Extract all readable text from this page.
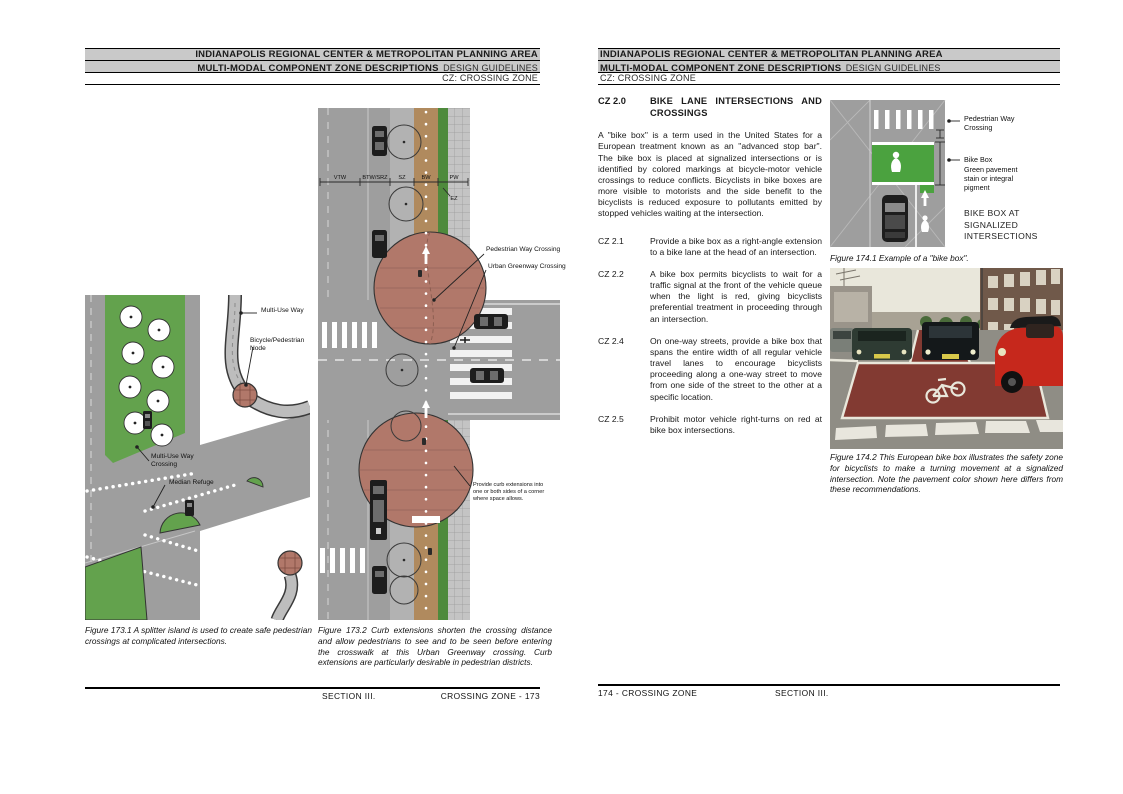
INDIANAPOLIS REGIONAL CENTER & METROPOLITAN PLANNING AREA
MULTI-MODAL COMPONENT ZONE DESCRIPTIONS DESIGN GUIDELINES
CZ: CROSSING ZONE
Multi-Use Way
Bicycle/Pedestrian Node
Multi-Use Way Crossing
Median Refuge
Figure 173.1 A splitter island is used to create safe pedestrian crossings at complicated intersections.
VTW	BTW/SRZ SZ	BW	PW
EZ
Pedestrian Way Crossing
Urban Greenway Crossing
Provide curb extensions into one or both sides of a corner where space allows.
Figure 173.2 Curb extensions shorten the crossing distance and allow pedestrians to see and to be seen before entering the crosswalk at this Urban Greenway crossing. Curb extensions are particularly desirable in pedestrian districts.
SECTION III.	CROSSING ZONE - 173
INDIANAPOLIS REGIONAL CENTER & METROPOLITAN PLANNING AREA
MULTI-MODAL COMPONENT ZONE DESCRIPTIONS DESIGN GUIDELINES
CZ: CROSSING ZONE
CZ 2.0	BIKE LANE INTERSECTIONS AND CROSSINGS
A "bike box" is a term used in the United States for a European treatment known as an "advanced stop bar". The bike box is placed at signalized intersections or is identified by colored markings at bicycle-motor vehicle crossings to reduce conflicts. Bicyclists in bike boxes are more visible to motorists and the side benefit to the bicyclists is reduced exposure to pollutants emitted by stopped vehicles waiting at the intersection.
CZ 2.1	Provide a bike box as a right-angle extension to a bike lane at the head of an intersection.
CZ 2.2	A bike box permits bicyclists to wait for a traffic signal at the front of the vehicle queue when the light is red, giving bicyclists preferential treatment in proceeding through an intersection.
CZ 2.4	On one-way streets, provide a bike box that spans the entire width of all regular vehicle travel lanes to encourage bicyclists proceeding along a one-way street to move from one side of the street to the other at a specific location.
CZ 2.5	Prohibit motor vehicle right-turns on red at bike box intersections.
Pedestrian Way Crossing
Bike Box
Green pavement stain or integral pigment
BIKE BOX AT SIGNALIZED INTERSECTIONS
Figure 174.1 Example of a "bike box".
Figure 174.2 This European bike box illustrates the safety zone for bicyclists to make a turning movement at a signalized intersection. Note the pavement color shown here differs from these recommendations.
174 - CROSSING ZONE	SECTION III.
